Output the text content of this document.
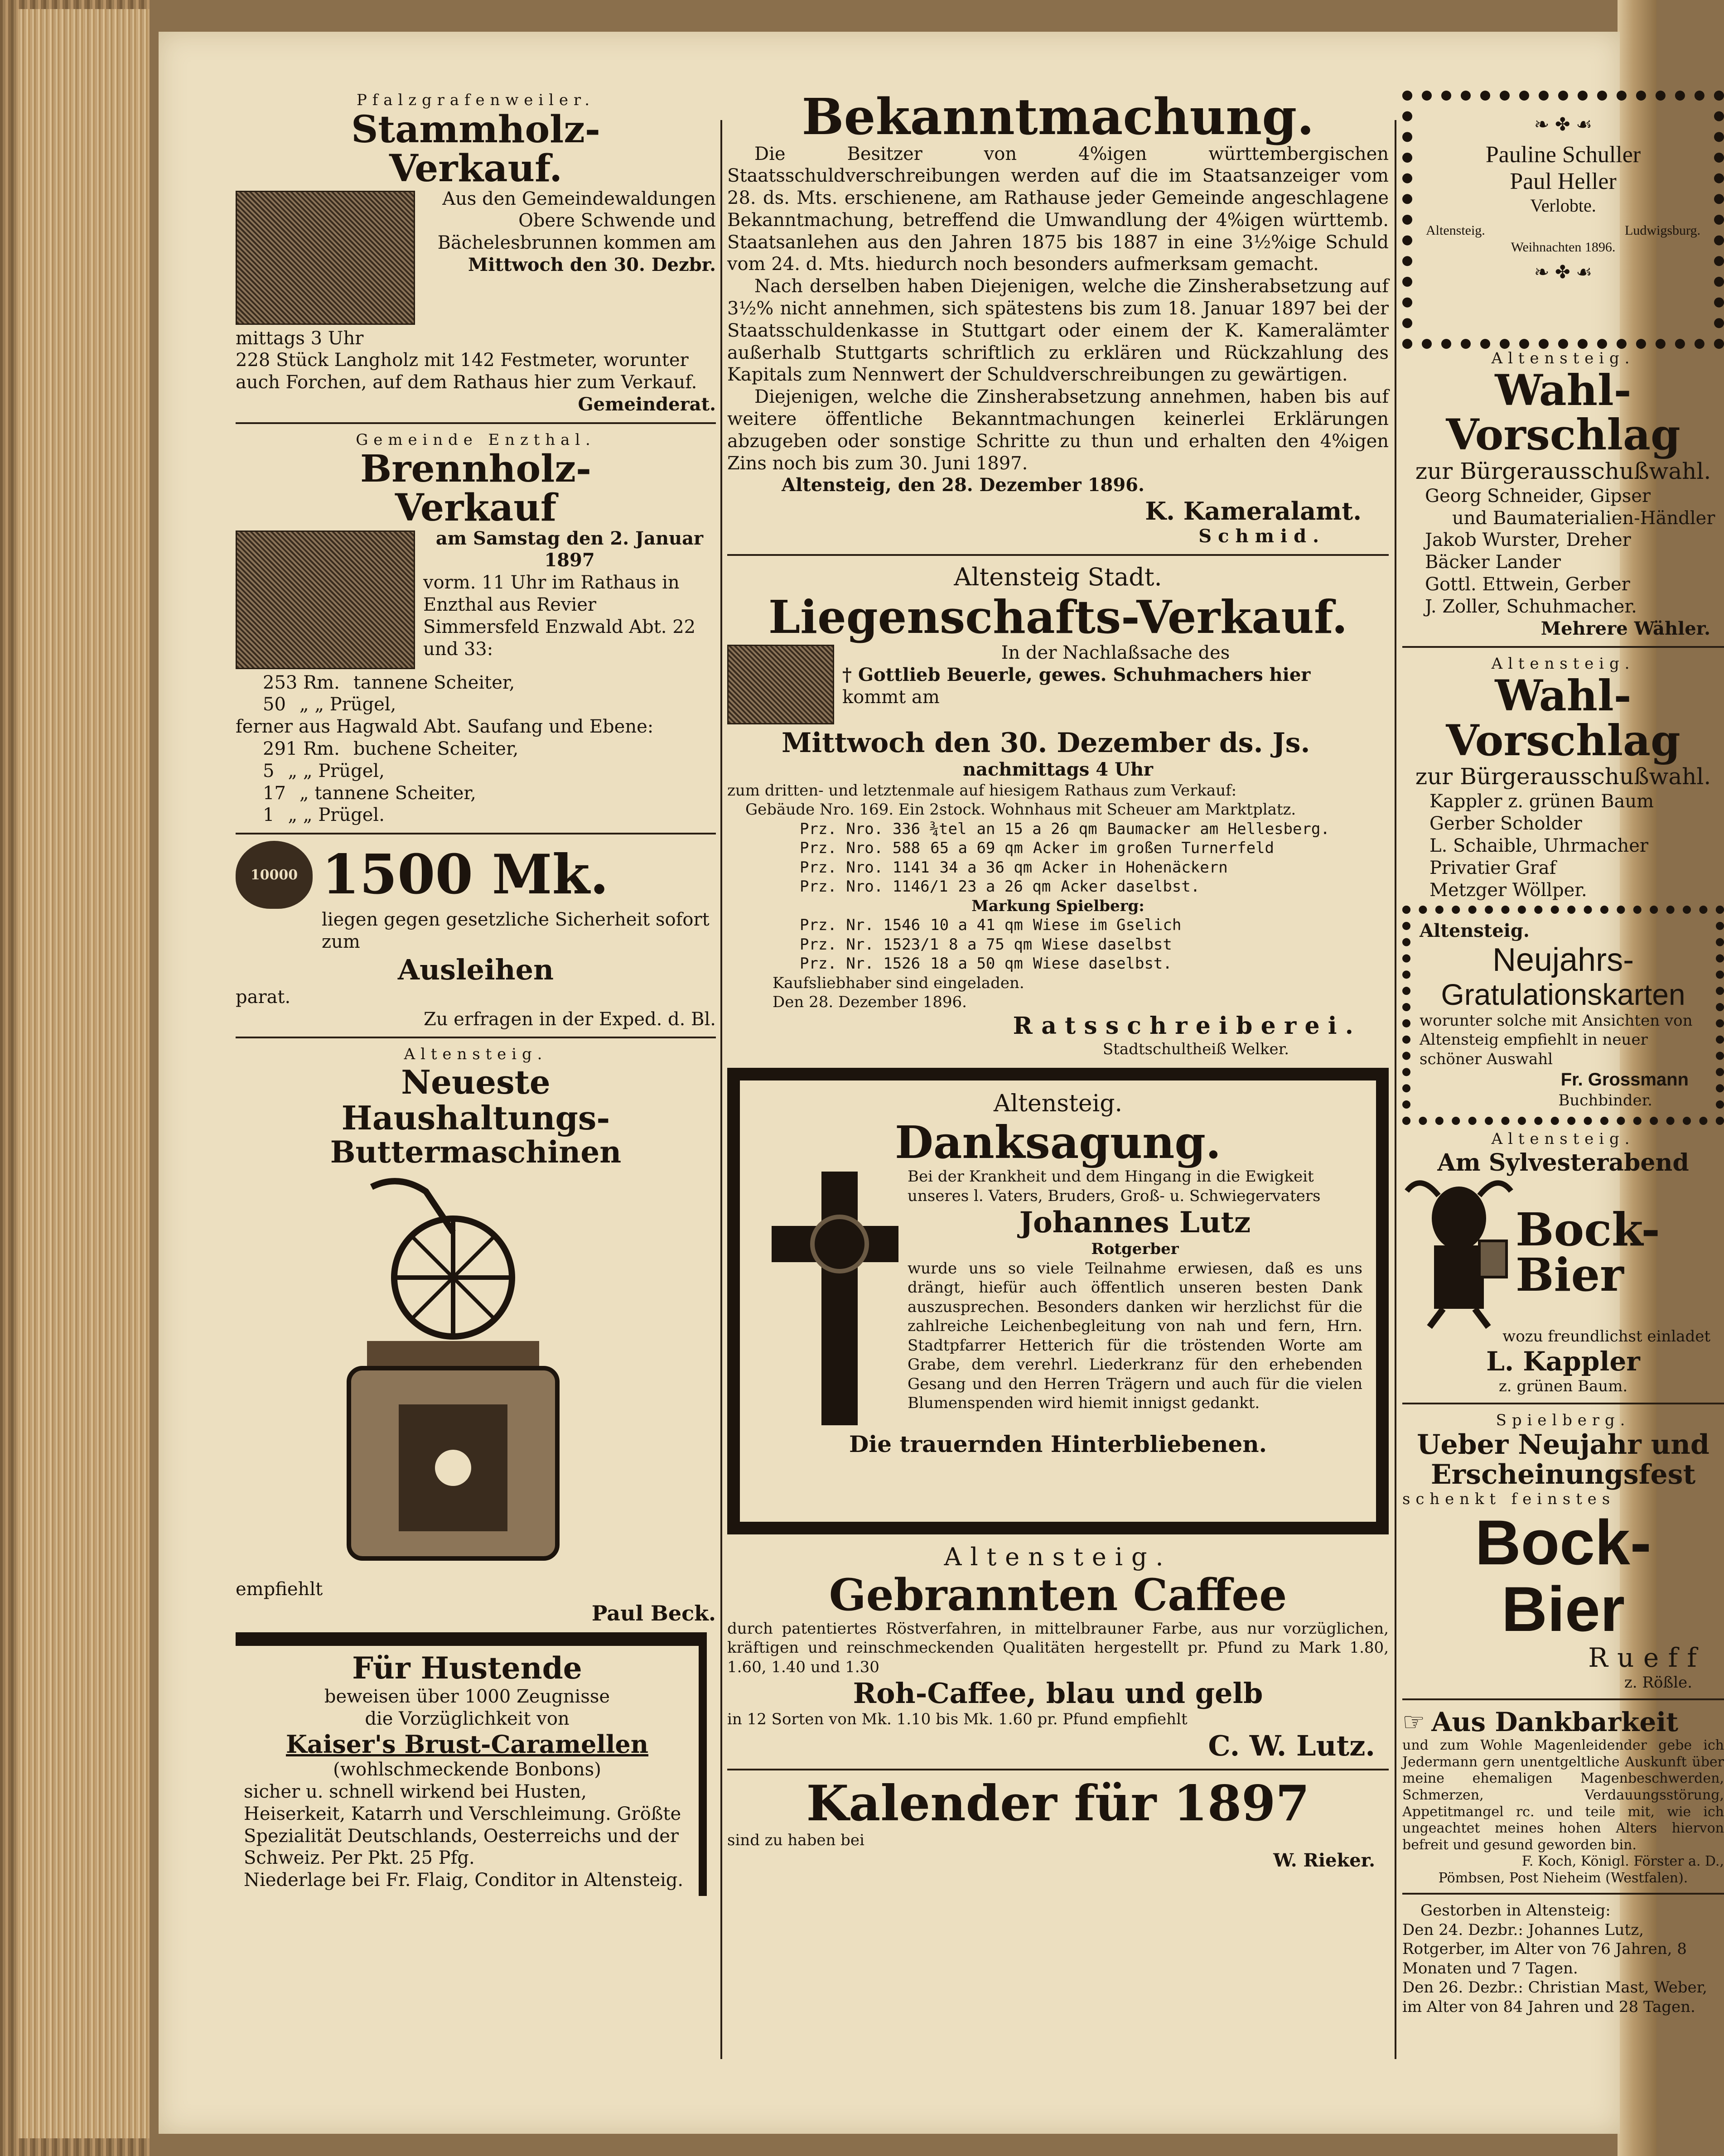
Pfalzgrafenweiler.

Stammholz-

Verkauf.

Aus den Gemeindewaldungen Obere Schwende und Bächelesbrunnen kommen am

Mittwoch den 30. Dezbr.

mittags 3 Uhr

228 Stück Langholz mit 142 Festmeter, worunter auch Forchen, auf dem Rathaus hier zum Verkauf.

Gemeinderat.

Gemeinde Enzthal.

Brennholz-

Verkauf

am Samstag den 2. Januar 1897

vorm. 11 Uhr im Rathaus in Enzthal aus Revier Simmersfeld Enzwald Abt. 22 und 33:

253 Rm. tannene Scheiter,
50 „ „ Prügel,

ferner aus Hagwald Abt. Saufang und Ebene:

291 Rm. buchene Scheiter,
5 „ „ Prügel,
17 „ tannene Scheiter,
1 „ „ Prügel.
10000 1500 Mk.

liegen gegen gesetzliche Sicherheit sofort zum

Ausleihen

parat.

Zu erfragen in der Exped. d. Bl.

Altensteig.

Neueste

Haushaltungs-

Buttermaschinen

empfiehlt

Paul Beck.

Für Hustende

beweisen über 1000 Zeugnisse

die Vorzüglichkeit von

Kaiser's Brust-Caramellen

(wohlschmeckende Bonbons)

sicher u. schnell wirkend bei Husten, Heiserkeit, Katarrh und Verschleimung. Größte Spezialität Deutschlands, Oesterreichs und der Schweiz. Per Pkt. 25 Pfg.

Niederlage bei Fr. Flaig, Conditor in Altensteig.

Bekanntmachung.

Die Besitzer von 4%igen württembergischen Staatsschuldverschreibungen werden auf die im Staatsanzeiger vom 28. ds. Mts. erschienene, am Rathause jeder Gemeinde angeschlagene Bekanntmachung, betreffend die Umwandlung der 4%igen württemb. Staatsanlehen aus den Jahren 1875 bis 1887 in eine 3½%ige Schuld vom 24. d. Mts. hiedurch noch besonders aufmerksam gemacht.

Nach derselben haben Diejenigen, welche die Zinsherabsetzung auf 3½% nicht annehmen, sich spätestens bis zum 18. Januar 1897 bei der Staatsschuldenkasse in Stuttgart oder einem der K. Kameralämter außerhalb Stuttgarts schriftlich zu erklären und Rückzahlung des Kapitals zum Nennwert der Schuldverschreibungen zu gewärtigen.

Diejenigen, welche die Zinsherabsetzung annehmen, haben bis auf weitere öffentliche Bekanntmachungen keinerlei Erklärungen abzugeben oder sonstige Schritte zu thun und erhalten den 4%igen Zins noch bis zum 30. Juni 1897.

Altensteig, den 28. Dezember 1896.

K. Kameralamt.

Schmid.

Altensteig Stadt.

Liegenschafts-Verkauf.

In der Nachlaßsache des

† Gottlieb Beuerle, gewes. Schuhmachers hier

kommt am

Mittwoch den 30. Dezember ds. Js.

nachmittags 4 Uhr

zum dritten- und letztenmale auf hiesigem Rathaus zum Verkauf:

Gebäude Nro. 169. Ein 2stock. Wohnhaus mit Scheuer am Marktplatz.

Prz. Nro. 336 ¾tel an 15 a 26 qm Baumacker am Hellesberg.
Prz. Nro. 588 65 a 69 qm Acker im großen Turnerfeld
Prz. Nro. 1141 34 a 36 qm Acker in Hohenäckern
Prz. Nro. 1146/1 23 a 26 qm Acker daselbst.

Markung Spielberg:

Prz. Nr. 1546 10 a 41 qm Wiese im Gselich
Prz. Nr. 1523/1 8 a 75 qm Wiese daselbst
Prz. Nr. 1526 18 a 50 qm Wiese daselbst.

Kaufsliebhaber sind eingeladen.

Den 28. Dezember 1896.

Ratsschreiberei.

Stadtschultheiß Welker.

Altensteig.

Danksagung.

Bei der Krankheit und dem Hingang in die Ewigkeit unseres l. Vaters, Bruders, Groß- u. Schwiegervaters

Johannes Lutz

Rotgerber

wurde uns so viele Teilnahme erwiesen, daß es uns drängt, hiefür auch öffentlich unseren besten Dank auszusprechen. Besonders danken wir herzlichst für die zahlreiche Leichenbegleitung von nah und fern, Hrn. Stadtpfarrer Hetterich für die tröstenden Worte am Grabe, dem verehrl. Liederkranz für den erhebenden Gesang und den Herren Trägern und auch für die vielen Blumenspenden wird hiemit innigst gedankt.

Die trauernden Hinterbliebenen.

Altensteig.

Gebrannten Caffee

durch patentiertes Röstverfahren, in mittelbrauner Farbe, aus nur vorzüglichen, kräftigen und reinschmeckenden Qualitäten hergestellt pr. Pfund zu Mark 1.80, 1.60, 1.40 und 1.30

Roh-Caffee, blau und gelb

in 12 Sorten von Mk. 1.10 bis Mk. 1.60 pr. Pfund empfiehlt

C. W. Lutz.

Kalender für 1897

sind zu haben bei

W. Rieker.

❧ ✤ ☙

Pauline Schuller

Paul Heller

Verlobte.

Altensteig.	Ludwigsburg.

Weihnachten 1896.

❧ ✤ ☙

Altensteig.

Wahl-Vorschlag

zur Bürgerausschußwahl.

Georg Schneider, Gipser

und Baumaterialien-Händler

Jakob Wurster, Dreher

Bäcker Lander

Gottl. Ettwein, Gerber

J. Zoller, Schuhmacher.

Mehrere Wähler.

Altensteig.

Wahl-Vorschlag

zur Bürgerausschußwahl.

Kappler z. grünen Baum

Gerber Scholder

L. Schaible, Uhrmacher

Privatier Graf

Metzger Wöllper.

Altensteig.

Neujahrs-

Gratulationskarten

worunter solche mit Ansichten von Altensteig empfiehlt in neuer schöner Auswahl

Fr. Grossmann

Buchbinder.

Altensteig.

Am Sylvesterabend

Bock-Bier

wozu freundlichst einladet

L. Kappler

z. grünen Baum.

Spielberg.

Ueber Neujahr und

Erscheinungsfest

schenkt feinstes

Bock-

Bier

Rueff

z. Rößle.

☞ Aus Dankbarkeit

und zum Wohle Magenleidender gebe ich Jedermann gern unentgeltliche Auskunft über meine ehemaligen Magenbeschwerden, Schmerzen, Verdauungsstörung, Appetitmangel rc. und teile mit, wie ich ungeachtet meines hohen Alters hiervon befreit und gesund geworden bin.

F. Koch, Königl. Förster a. D.,

Pömbsen, Post Nieheim (Westfalen).

Gestorben in Altensteig:

Den 24. Dezbr.: Johannes Lutz, Rotgerber, im Alter von 76 Jahren, 8 Monaten und 7 Tagen.

Den 26. Dezbr.: Christian Mast, Weber, im Alter von 84 Jahren und 28 Tagen.
